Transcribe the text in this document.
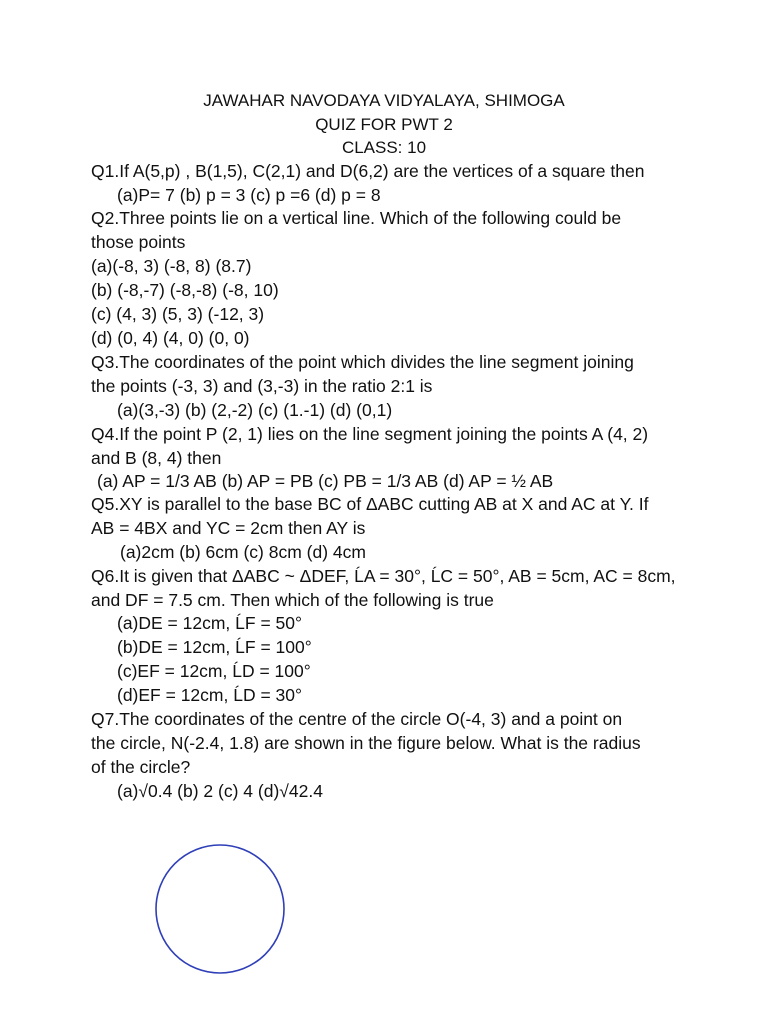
JAWAHAR NAVODAYA VIDYALAYA, SHIMOGA
QUIZ FOR PWT 2
CLASS: 10
Q1.If A(5,p) , B(1,5), C(2,1) and D(6,2) are the vertices of a square then
(a)P= 7 (b) p = 3 (c) p =6 (d) p = 8
Q2.Three points lie on a vertical line. Which of the following could be
those points
(a)(-8, 3) (-8, 8) (8.7)
(b) (-8,-7) (-8,-8) (-8, 10)
(c) (4, 3) (5, 3) (-12, 3)
(d) (0, 4) (4, 0) (0, 0)
Q3.The coordinates of the point which divides the line segment joining
the points (-3, 3) and (3,-3) in the ratio 2:1 is
(a)(3,-3) (b) (2,-2) (c) (1.-1) (d) (0,1)
Q4.If the point P (2, 1) lies on the line segment joining the points A (4, 2)
and B (8, 4) then
(a) AP = 1/3 AB (b) AP = PB (c) PB = 1/3 AB (d) AP = ½ AB
Q5.XY is parallel to the base BC of ΔABC cutting AB at X and AC at Y. If
AB = 4BX and YC = 2cm then AY is
(a)2cm (b) 6cm (c) 8cm (d) 4cm
Q6.It is given that ΔABC ~ ΔDEF, ĹA = 30°, ĹC = 50°, AB = 5cm, AC = 8cm,
and DF = 7.5 cm. Then which of the following is true
(a)DE = 12cm, ĹF = 50°
(b)DE = 12cm, ĹF = 100°
(c)EF = 12cm, ĹD = 100°
(d)EF = 12cm, ĹD = 30°
Q7.The coordinates of the centre of the circle O(-4, 3) and a point on
the circle, N(-2.4, 1.8) are shown in the figure below. What is the radius
of the circle?
(a)√0.4 (b) 2 (c) 4 (d)√42.4
